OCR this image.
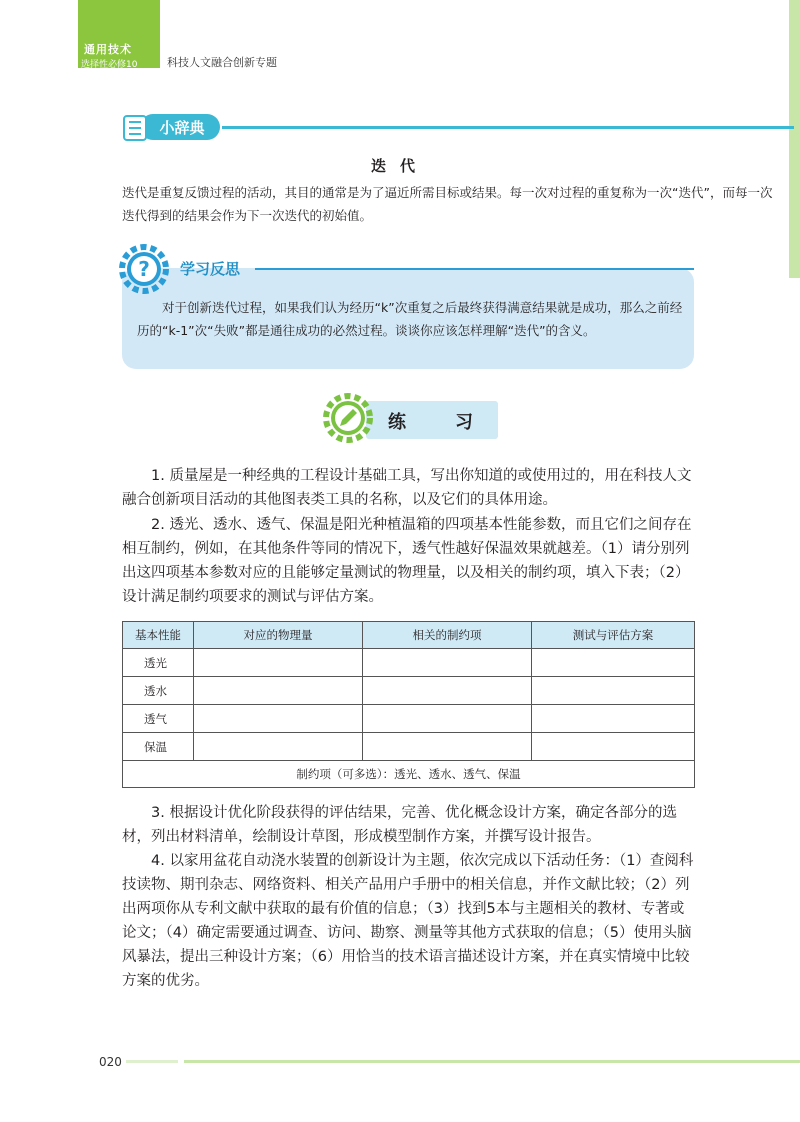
通用技术
选择性必修10	科技人文融合创新专题
小辞典
迭代
迭代是重复反馈过程的活动，其目的通常是为了逼近所需目标或结果。每一次对过程的重复称为一次“迭代”，而每一次迭代得到的结果会作为下一次迭代的初始值。
? 学习反思
对于创新迭代过程，如果我们认为经历“k”次重复之后最终获得满意结果就是成功，那么之前经历的“k-1”次“失败”都是通往成功的必然过程。谈谈你应该怎样理解“迭代”的含义。
练	习
1. 质量屋是一种经典的工程设计基础工具，写出你知道的或使用过的，用在科技人文融合创新项目活动的其他图表类工具的名称，以及它们的具体用途。
2. 透光、透水、透气、保温是阳光种植温箱的四项基本性能参数，而且它们之间存在相互制约，例如，在其他条件等同的情况下，透气性越好保温效果就越差。（1）请分别列出这四项基本参数对应的且能够定量测试的物理量，以及相关的制约项，填入下表；（2）设计满足制约项要求的测试与评估方案。
基本性能	对应的物理量	相关的制约项	测试与评估方案
透光			
透水			
透气			
保温			
制约项（可多选）：透光、透水、透气、保温			
3. 根据设计优化阶段获得的评估结果，完善、优化概念设计方案，确定各部分的选材，列出材料清单，绘制设计草图，形成模型制作方案，并撰写设计报告。
4. 以家用盆花自动浇水装置的创新设计为主题，依次完成以下活动任务：（1）查阅科技读物、期刊杂志、网络资料、相关产品用户手册中的相关信息，并作文献比较；（2）列出两项你从专利文献中获取的最有价值的信息；（3）找到5本与主题相关的教材、专著或论文；（4）确定需要通过调查、访问、勘察、测量等其他方式获取的信息；（5）使用头脑风暴法，提出三种设计方案；（6）用恰当的技术语言描述设计方案，并在真实情境中比较方案的优劣。
020
